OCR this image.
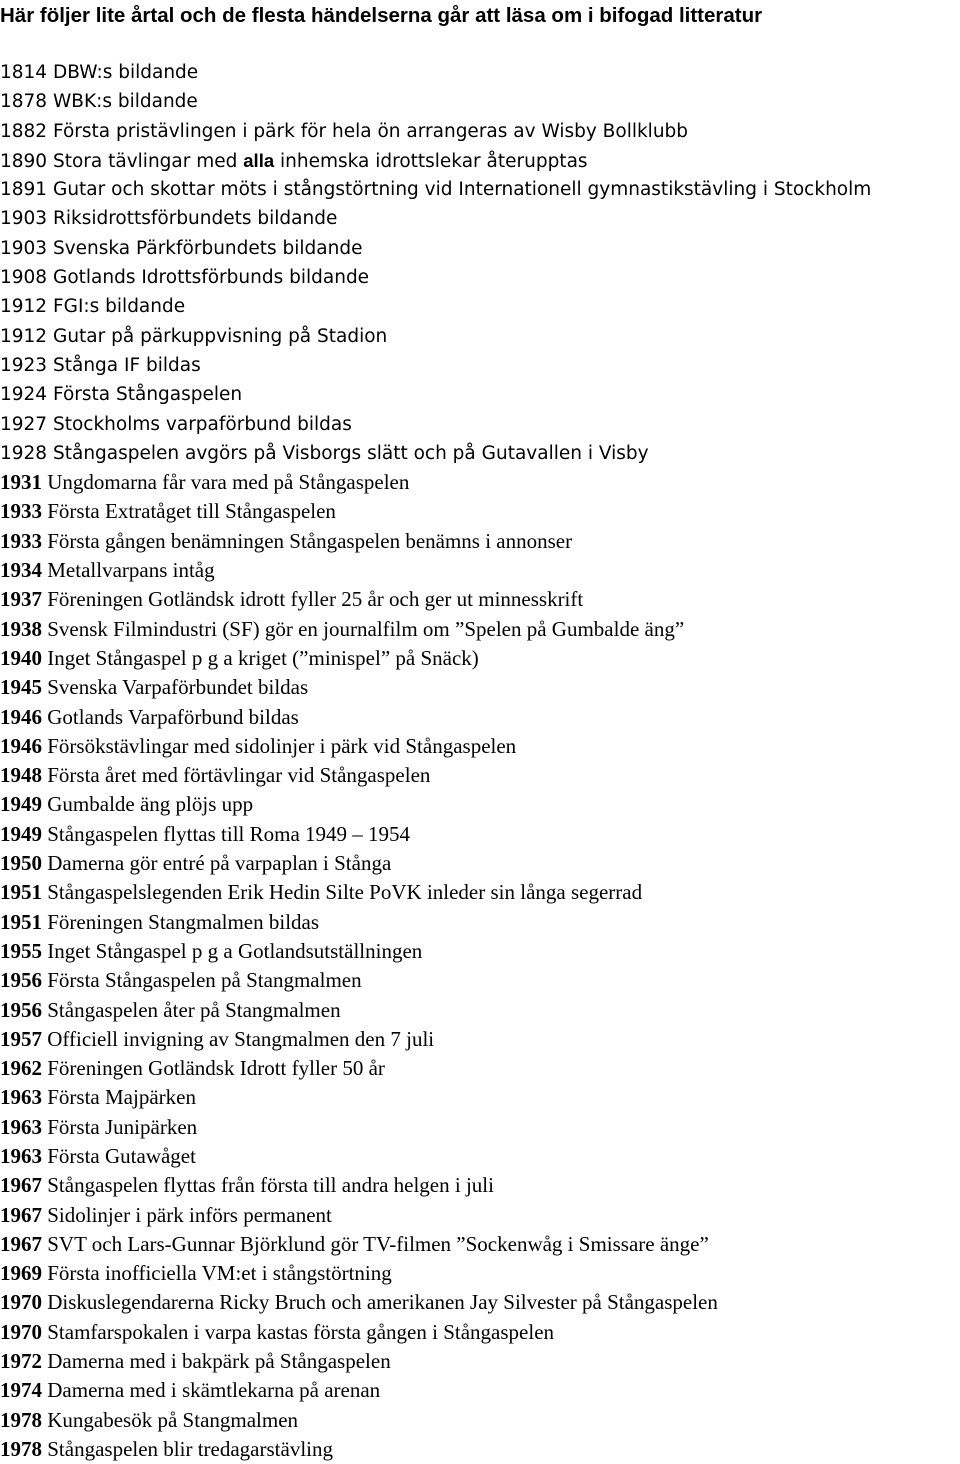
Här följer lite årtal och de flesta händelserna går att läsa om i bifogad litteratur
1814 DBW:s bildande
1878 WBK:s bildande
1882 Första pristävlingen i pärk för hela ön arrangeras av Wisby Bollklubb
1890 Stora tävlingar med alla inhemska idrottslekar återupptas
1891 Gutar och skottar möts i stångstörtning vid Internationell gymnastikstävling i Stockholm
1903 Riksidrottsförbundets bildande
1903 Svenska Pärkförbundets bildande
1908 Gotlands Idrottsförbunds bildande
1912 FGI:s bildande
1912 Gutar på pärkuppvisning på Stadion
1923 Stånga IF bildas
1924 Första Stångaspelen
1927 Stockholms varpaförbund bildas
1928 Stångaspelen avgörs på Visborgs slätt och på Gutavallen i Visby
1931 Ungdomarna får vara med på Stångaspelen
1933 Första Extratåget till Stångaspelen
1933 Första gången benämningen Stångaspelen benämns i annonser
1934 Metallvarpans intåg
1937 Föreningen Gotländsk idrott fyller 25 år och ger ut minnesskrift
1938 Svensk Filmindustri (SF) gör en journalfilm om ”Spelen på Gumbalde äng”
1940 Inget Stångaspel p g a kriget (”minispel” på Snäck)
1945 Svenska Varpaförbundet bildas
1946 Gotlands Varpaförbund bildas
1946 Försökstävlingar med sidolinjer i pärk vid Stångaspelen
1948 Första året med förtävlingar vid Stångaspelen
1949 Gumbalde äng plöjs upp
1949 Stångaspelen flyttas till Roma 1949 – 1954
1950 Damerna gör entré på varpaplan i Stånga
1951 Stångaspelslegenden Erik Hedin Silte PoVK inleder sin långa segerrad
1951 Föreningen Stangmalmen bildas
1955 Inget Stångaspel p g a Gotlandsutställningen
1956 Första Stångaspelen på Stangmalmen
1956 Stångaspelen åter på Stangmalmen
1957 Officiell invigning av Stangmalmen den 7 juli
1962 Föreningen Gotländsk Idrott fyller 50 år
1963 Första Majpärken
1963 Första Junipärken
1963 Första Gutawåget
1967 Stångaspelen flyttas från första till andra helgen i juli
1967 Sidolinjer i pärk införs permanent
1967 SVT och Lars-Gunnar Björklund gör TV-filmen ”Sockenwåg i Smissare änge”
1969 Första inofficiella VM:et i stångstörtning
1970 Diskuslegendarerna Ricky Bruch och amerikanen Jay Silvester på Stångaspelen
1970 Stamfarspokalen i varpa kastas första gången i Stångaspelen
1972 Damerna med i bakpärk på Stångaspelen
1974 Damerna med i skämtlekarna på arenan
1978 Kungabesök på Stangmalmen
1978 Stångaspelen blir tredagarstävling
